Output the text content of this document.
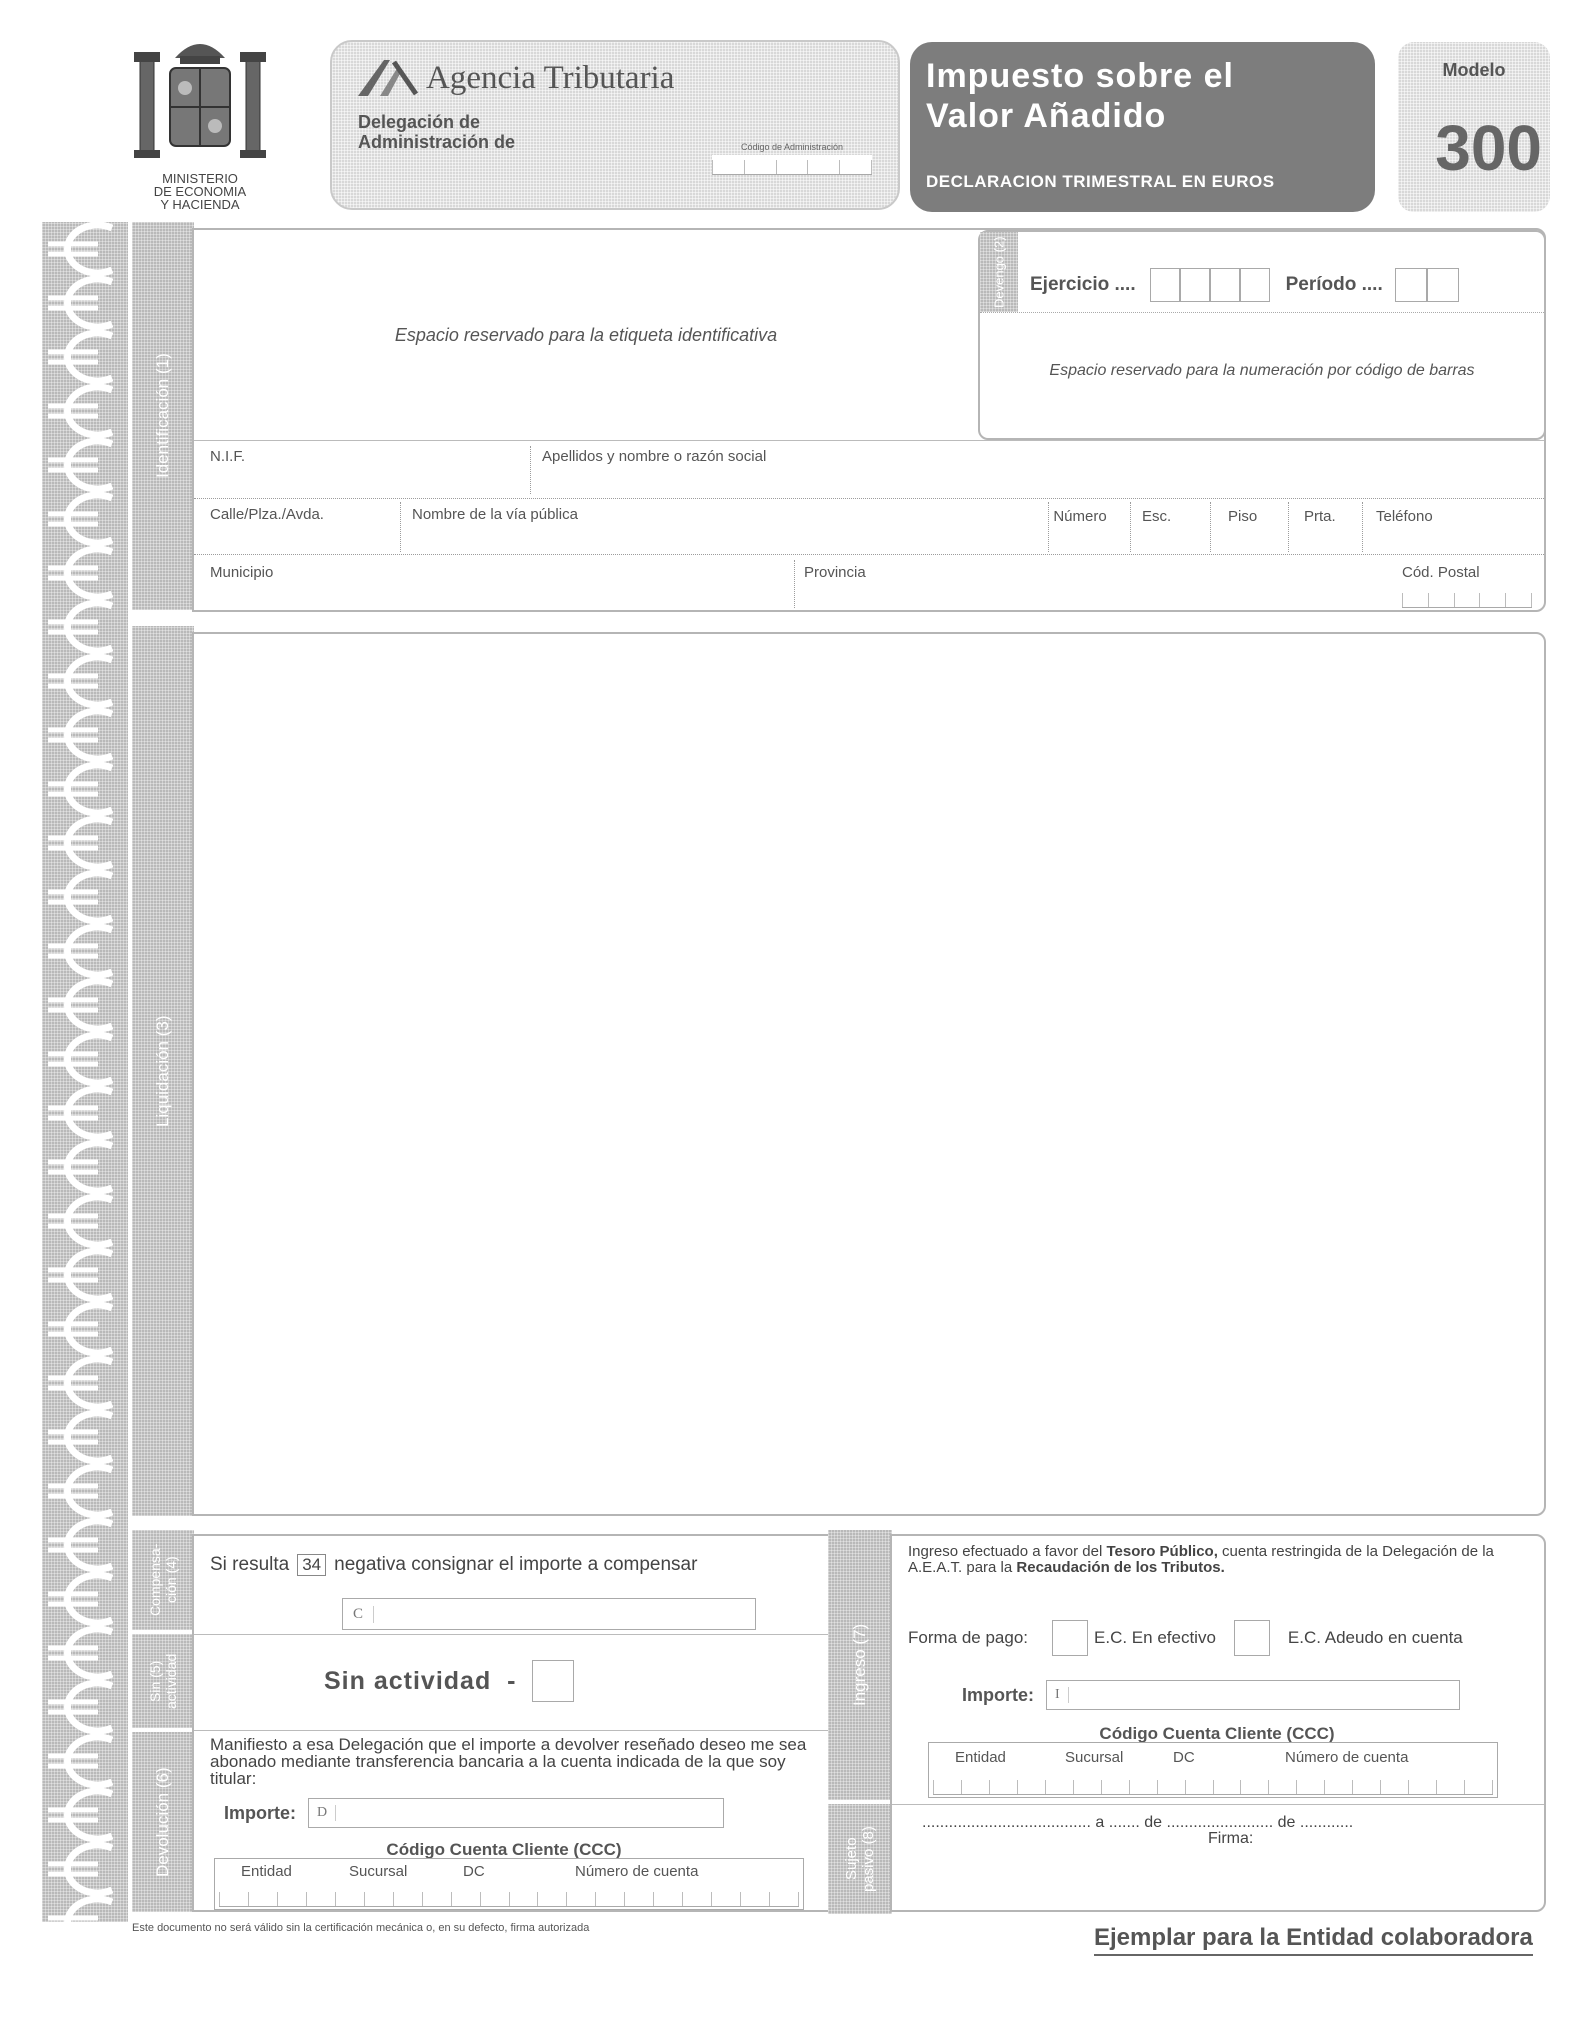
MINISTERIO
DE ECONOMIA
Y HACIENDA
Agencia Tributaria
Delegación de
Administración de	Código de Administración
Impuesto sobre el
Valor Añadido
DECLARACION TRIMESTRAL EN EUROS
Modelo
300
Identificación (1)
Espacio reservado para la etiqueta identificativa
Devengo (2)	Ejercicio ....	Período ....
Espacio reservado para la numeración por código de barras
N.I.F.	Apellidos y nombre o razón social
Calle/Plza./Avda.	Nombre de la vía pública	Número	Esc.	Piso	Prta.	Teléfono
Municipio	Provincia	Cód. Postal
Liquidación (3)
Compensa-
ción (4)
Sin (5)
actividad
Devolución (6)
Si resulta 34 negativa consignar el importe a compensar
C
Sin actividad  -
Manifiesto a esa Delegación que el importe a devolver reseñado deseo me sea abonado mediante transferencia bancaria a la cuenta indicada de la que soy titular:
Importe:	D
Código Cuenta Cliente (CCC)
Entidad	Sucursal	DC	Número de cuenta
Ingreso (7)
Sujeto
pasivo (8)
Ingreso efectuado a favor del Tesoro Público, cuenta restringida de la Delegación de la A.E.A.T. para la Recaudación de los Tributos.
Forma de pago:	E.C. En efectivo	E.C. Adeudo en cuenta
Importe:	I
Código Cuenta Cliente (CCC)
Entidad	Sucursal	DC	Número de cuenta
...................................... a ....... de ........................ de ............
Firma:
Este documento no será válido sin la certificación mecánica o, en su defecto, firma autorizada	Ejemplar para la Entidad colaboradora
